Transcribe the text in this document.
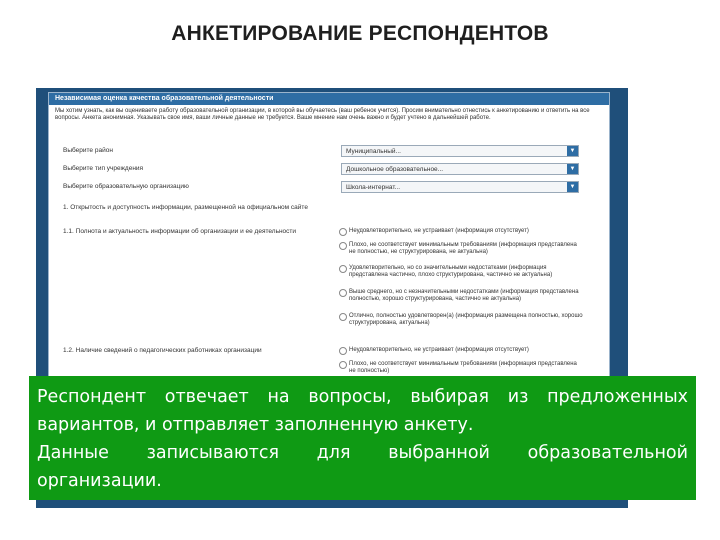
АНКЕТИРОВАНИЕ РЕСПОНДЕНТОВ
Независимая оценка качества образовательной деятельности
Мы хотим узнать, как вы оцениваете работу образовательной организации, в которой вы обучаетесь (ваш ребенок учится). Просим внимательно отнестись к анкетированию и ответить на все вопросы. Анкета анонимная. Указывать свое имя, ваши личные данные не требуется. Ваше мнение нам очень важно и будет учтено в дальнейшей работе.
Выберите район	Муниципальный...	▼
Выберите тип учреждения	Дошкольное образовательное...	▼
Выберите образовательную организацию	Школа-интернат...	▼
1. Открытость и доступность информации, размещенной на официальном сайте
1.1. Полнота и актуальность информации об организации и ее деятельности	Неудовлетворительно, не устраивает (информация отсутствует)
Плохо, не соответствует минимальным требованиям (информация представлена не полностью, не структурирована, не актуальна)
Удовлетворительно, но со значительными недостатками (информация представлена частично, плохо структурирована, частично не актуальна)
Выше среднего, но с незначительными недостатками (информация представлена полностью, хорошо структурирована, частично не актуальна)
Отлично, полностью удовлетворен(а) (информация размещена полностью, хорошо структурирована, актуальна)
1.2. Наличие сведений о педагогических работниках организации	Неудовлетворительно, не устраивает (информация отсутствует)
Плохо, не соответствует минимальным требованиям (информация представлена не полностью)

Респондент отвечает на вопросы, выбирая из предложенных вариантов, и отправляет заполненную анкету.

Данные записываются для выбранной образовательной организации.
